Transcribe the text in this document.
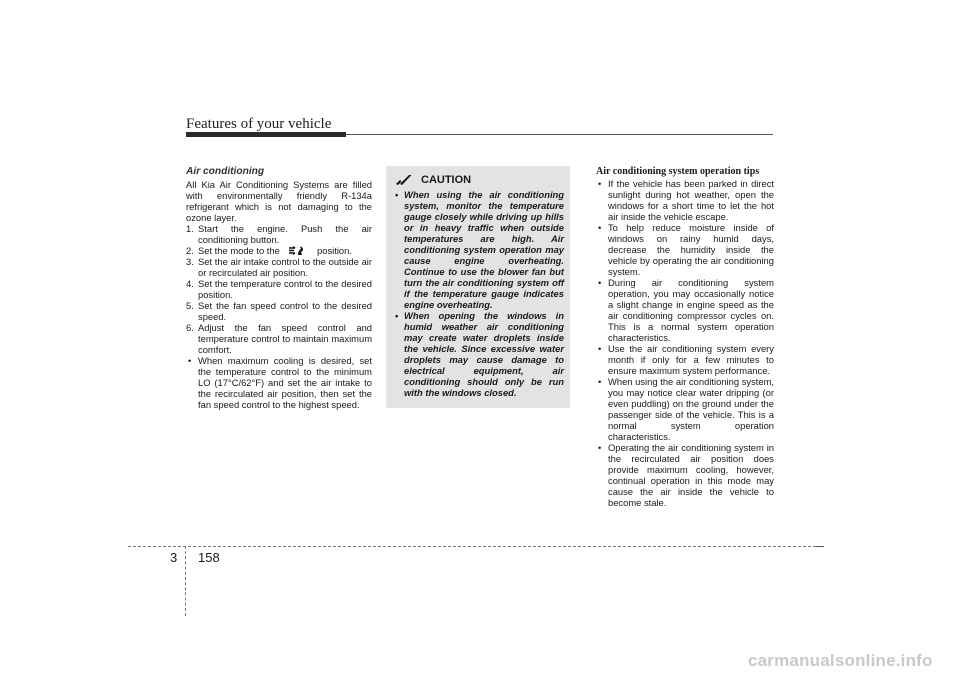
Features of your vehicle
Air conditioning
All Kia Air Conditioning Systems are filled with environmentally friendly R-134a refrigerant which is not damaging to the ozone layer.
1. Start the engine. Push the air conditioning button.
2. Set the mode to the	position.
3. Set the air intake control to the outside air or recirculated air position.
4. Set the temperature control to the desired position.
5. Set the fan speed control to the desired speed.
6. Adjust the fan speed control and temperature control to maintain maximum comfort.
• When maximum cooling is desired, set the temperature control to the minimum LO (17°C/62°F) and set the air intake to the recirculated air position, then set the fan speed control to the highest speed.
CAUTION
• When using the air conditioning system, monitor the temperature gauge closely while driving up hills or in heavy traffic when outside temperatures are high. Air conditioning system operation may cause engine overheating. Continue to use the blower fan but turn the air conditioning system off if the temperature gauge indicates engine overheating.
• When opening the windows in humid weather air conditioning may create water droplets inside the vehicle. Since excessive water droplets may cause damage to electrical equipment, air conditioning should only be run with the windows closed.
Air conditioning system operation tips
• If the vehicle has been parked in direct sunlight during hot weather, open the windows for a short time to let the hot air inside the vehicle escape.
• To help reduce moisture inside of windows on rainy humid days, decrease the humidity inside the vehicle by operating the air conditioning system.
• During air conditioning system operation, you may occasionally notice a slight change in engine speed as the air conditioning compressor cycles on. This is a normal system operation characteristics.
• Use the air conditioning system every month if only for a few minutes to ensure maximum system performance.
• When using the air conditioning system, you may notice clear water dripping (or even puddling) on the ground under the passenger side of the vehicle. This is a normal system operation characteristics.
• Operating the air conditioning system in the recirculated air position does provide maximum cooling, however, continual operation in this mode may cause the air inside the vehicle to become stale.
3 158
carmanualsonline.info
